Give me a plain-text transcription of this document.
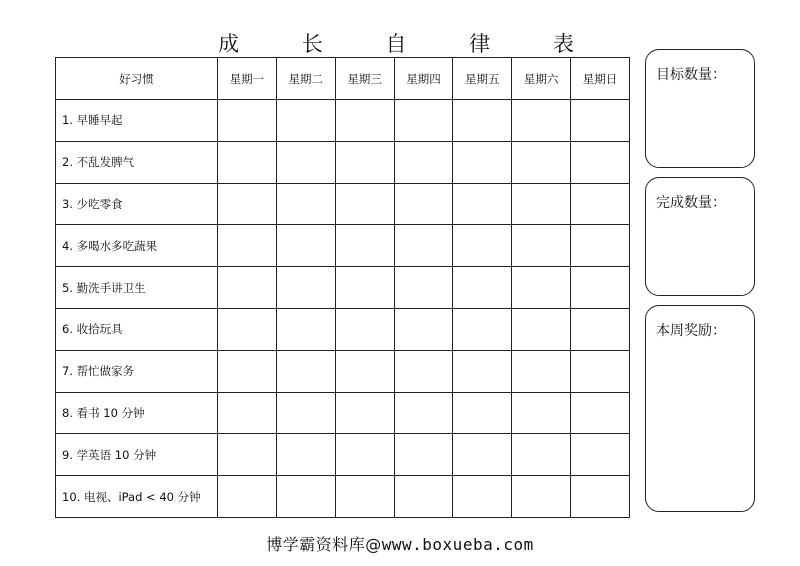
成 长 自 律 表
好习惯	星期一	星期二	星期三	星期四	星期五	星期六	星期日
1. 早睡早起							
2. 不乱发脾气							
3. 少吃零食							
4. 多喝水多吃蔬果							
5. 勤洗手讲卫生							
6. 收拾玩具							
7. 帮忙做家务							
8. 看书 10 分钟							
9. 学英语 10 分钟							
10. 电视、iPad < 40 分钟							
目标数量：
完成数量：
本周奖励：
博学霸资料库@www.boxueba.com
